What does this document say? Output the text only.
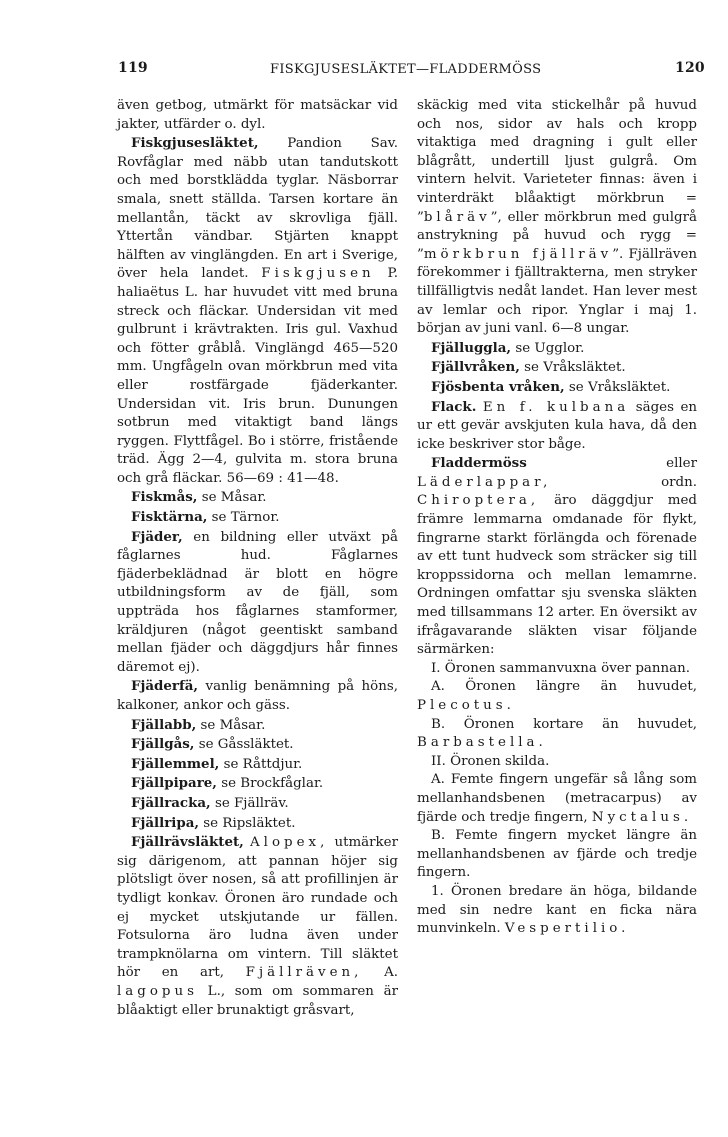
119	FISKGJUSESLÄKTET—FLADDERMÖSS	120

även getbog, utmärkt för matsäckar vid jakter, utfärder o. dyl.

Fiskgjusesläktet, Pandion Sav. Rovfåglar med näbb utan tandutskott och med borstklädda tyglar. Näsborrar smala, snett ställda. Tarsen kortare än mellantån, täckt av skrovliga fjäll. Yttertån vändbar. Stjärten knappt hälften av vinglängden. En art i Sverige, över hela landet. Fiskgjusen P. haliaëtus L. har huvudet vitt med bruna streck och fläckar. Undersidan vit med gulbrunt i krävtrakten. Iris gul. Vaxhud och fötter gråblå. Vinglängd 465—520 mm. Ungfågeln ovan mörkbrun med vita eller rostfärgade fjäderkanter. Undersidan vit. Iris brun. Dunungen sotbrun med vitaktigt band längs ryggen. Flyttfågel. Bo i större, fristående träd. Ägg 2—4, gulvita m. stora bruna och grå fläckar. 56—69 : 41—48.

Fiskmås, se Måsar.

Fisktärna, se Tärnor.

Fjäder, en bildning eller utväxt på fåglarnes hud. Fåglarnes fjäderbeklädnad är blott en högre utbildningsform av de fjäll, som uppträda hos fåglarnes stamformer, kräldjuren (något geentiskt samband mellan fjäder och däggdjurs hår finnes däremot ej).

Fjäderfä, vanlig benämning på höns, kalkoner, ankor och gäss.

Fjällabb, se Måsar.

Fjällgås, se Gåssläktet.

Fjällemmel, se Råttdjur.

Fjällpipare, se Brockfåglar.

Fjällracka, se Fjällräv.

Fjällripa, se Ripsläktet.

Fjällrävsläktet, Alopex, utmärker sig därigenom, att pannan höjer sig plötsligt över nosen, så att profillinjen är tydligt konkav. Öronen äro rundade och ej mycket utskjutande ur fällen. Fotsulorna äro ludna även under trampknölarna om vintern. Till släktet hör en art, Fjällräven, A. lagopus L., som om sommaren är blåaktigt eller brunaktigt gråsvart,

skäckig med vita stickelhår på huvud och nos, sidor av hals och kropp vitaktiga med dragning i gult eller blågrått, undertill ljust gulgrå. Om vintern helvit. Varieteter finnas: även i vinterdräkt blåaktigt mörkbrun = ”blåräv”, eller mörkbrun med gulgrå anstrykning på huvud och rygg = ”mörkbrun fjällräv”. Fjällräven förekommer i fjälltrakterna, men stryker tillfälligtvis nedåt landet. Han lever mest av lemlar och ripor. Ynglar i maj 1. början av juni vanl. 6—8 ungar.

Fjälluggla, se Ugglor.

Fjällvråken, se Vråksläktet.

Fjösbenta vråken, se Vråksläktet.

Flack. En f. kulbana säges en ur ett gevär avskjuten kula hava, då den icke beskriver stor båge.

Fladdermöss eller Läderlappar, ordn. Chiroptera, äro däggdjur med främre lemmarna omdanade för flykt, fingrarne starkt förlängda och förenade av ett tunt hudveck som sträcker sig till kroppssidorna och mellan lemamrne. Ordningen omfattar sju svenska släkten med tillsammans 12 arter. En översikt av ifrågavarande släkten visar följande särmärken:

I. Öronen sammanvuxna över pannan.

A. Öronen längre än huvudet, Plecotus.

B. Öronen kortare än huvudet, Barbastella.

II. Öronen skilda.

A. Femte fingern ungefär så lång som mellanhandsbenen (metracarpus) av fjärde och tredje fingern, Nyctalus.

B. Femte fingern mycket längre än mellanhandsbenen av fjärde och tredje fingern.

1. Öronen bredare än höga, bildande med sin nedre kant en ficka nära munvinkeln. Vespertilio.
